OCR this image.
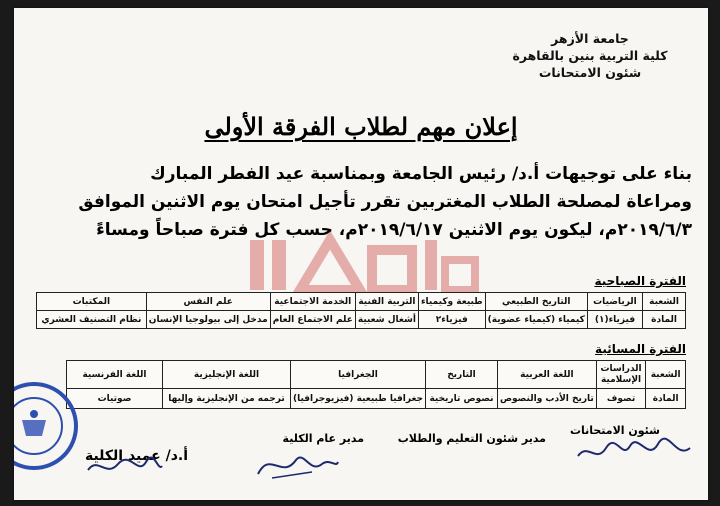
جامعة الأزهر
كلية التربية بنين بالقاهرة
شئون الامتحانات
إعلان مهم لطلاب الفرقة الأولى
بناء على توجيهات أ.د/ رئيس الجامعة وبمناسبة عيد الفطر المبارك
ومراعاة لمصلحة الطلاب المغتربين تقرر تأجيل امتحان يوم الاثنين الموافق
٢٠١٩/٦/٣م، ليكون يوم الاثنين ٢٠١٩/٦/١٧م، حسب كل فترة صباحاً ومساءً
الفترة الصباحية
الشعبة	الرياضيات	التاريخ الطبيعي	طبيعة وكيمياء	التربية الفنية	الخدمة الاجتماعية	علم النفس	المكتبات
المادة	فيزياء(١)	كيمياء (كيمياء عضوية)	فيزياء٢	أشغال شعبية	علم الاجتماع العام	مدخل إلى بيولوجيا الإنسان	نظام التصنيف العشري
الفترة المسائية
الشعبة	الدراسات الإسلامية	اللغة العربية	التاريخ	الجغرافيا	اللغة الإنجليزية	اللغة الفرنسية
المادة	تصوف	تاريخ الأدب والنصوص	نصوص تاريخية	جغرافيا طبيعية (فيزيوجرافيا)	ترجمه من الإنجليزية وإليها	صوتيات
شئون الامتحانات
مدير شئون التعليم والطلاب
مدير عام الكلية
أ.د/ عميد الكلية
